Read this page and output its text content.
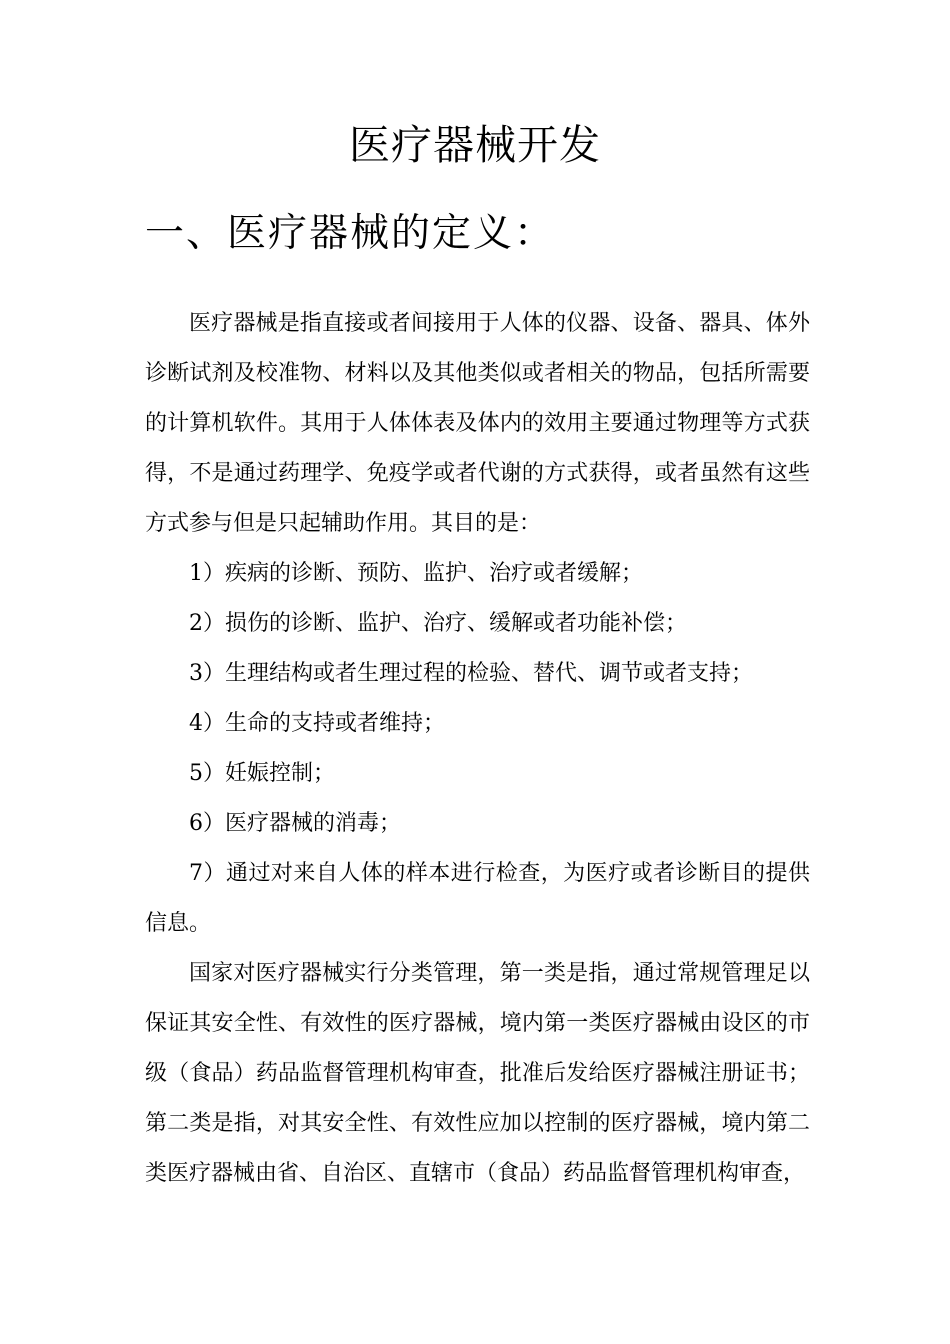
医疗器械开发
一、医疗器械的定义：

医疗器械是指直接或者间接用于人体的仪器、设备、器具、体外诊断试剂及校准物、材料以及其他类似或者相关的物品，包括所需要的计算机软件。其用于人体体表及体内的效用主要通过物理等方式获得，不是通过药理学、免疫学或者代谢的方式获得，或者虽然有这些方式参与但是只起辅助作用。其目的是：

1）疾病的诊断、预防、监护、治疗或者缓解；

2）损伤的诊断、监护、治疗、缓解或者功能补偿；

3）生理结构或者生理过程的检验、替代、调节或者支持；

4）生命的支持或者维持；

5）妊娠控制；

6）医疗器械的消毒；

7）通过对来自人体的样本进行检查，为医疗或者诊断目的提供信息。

国家对医疗器械实行分类管理，第一类是指，通过常规管理足以保证其安全性、有效性的医疗器械，境内第一类医疗器械由设区的市级（食品）药品监督管理机构审查，批准后发给医疗器械注册证书；第二类是指，对其安全性、有效性应加以控制的医疗器械，境内第二类医疗器械由省、自治区、直辖市（食品）药品监督管理机构审查，
